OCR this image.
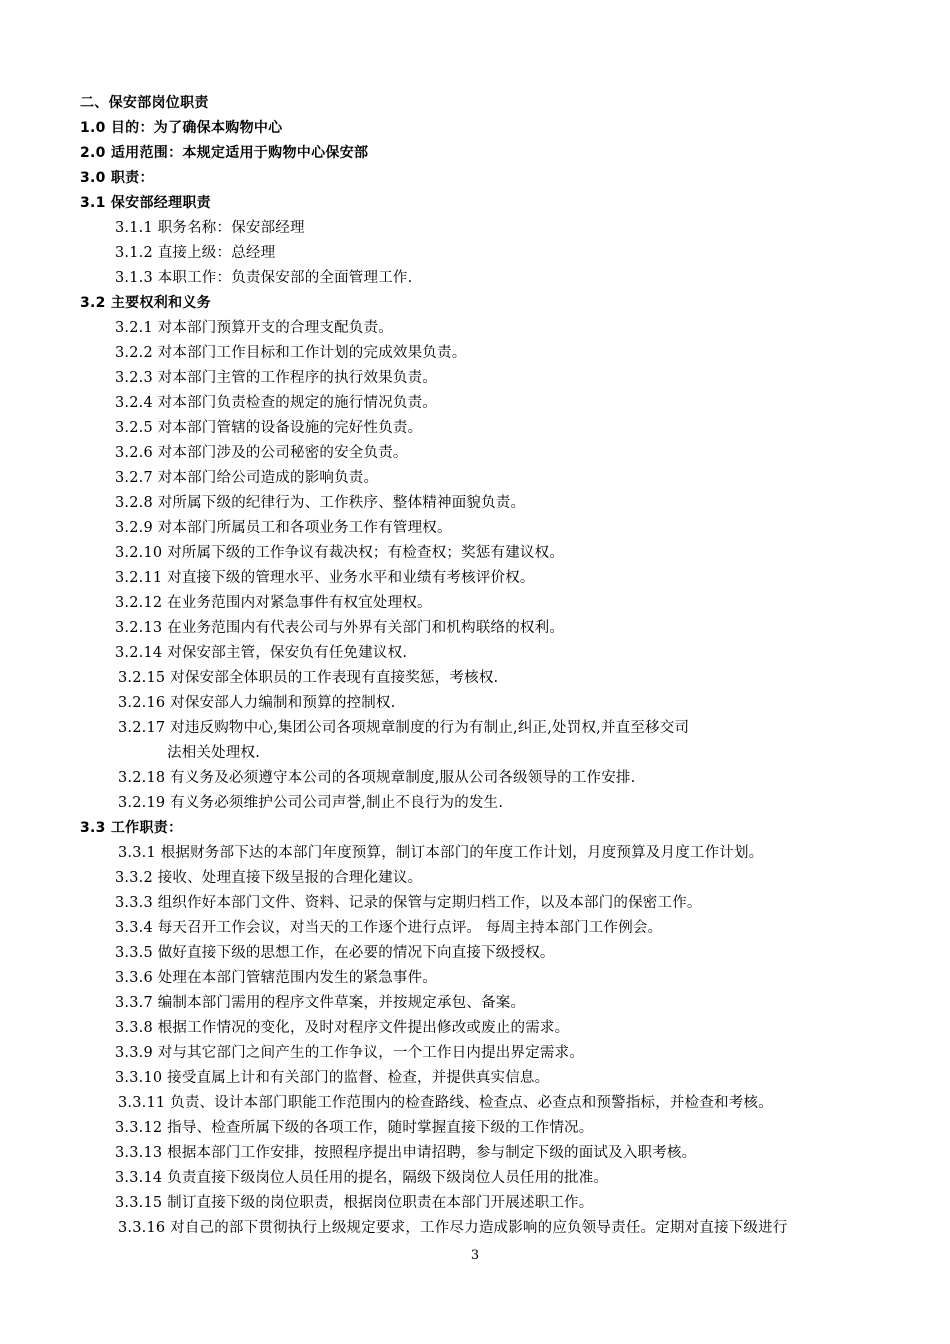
二、保安部岗位职责
1.0 目的：为了确保本购物中心
2.0 适用范围：本规定适用于购物中心保安部
3.0 职责：
3.1 保安部经理职责
3.1.1 职务名称：保安部经理
3.1.2 直接上级：总经理
3.1.3 本职工作：负责保安部的全面管理工作.
3.2 主要权利和义务
3.2.1 对本部门预算开支的合理支配负责。
3.2.2 对本部门工作目标和工作计划的完成效果负责。
3.2.3 对本部门主管的工作程序的执行效果负责。
3.2.4 对本部门负责检查的规定的施行情况负责。
3.2.5 对本部门管辖的设备设施的完好性负责。
3.2.6 对本部门涉及的公司秘密的安全负责。
3.2.7 对本部门给公司造成的影响负责。
3.2.8 对所属下级的纪律行为、工作秩序、整体精神面貌负责。
3.2.9 对本部门所属员工和各项业务工作有管理权。
3.2.10 对所属下级的工作争议有裁决权；有检查权；奖惩有建议权。
3.2.11 对直接下级的管理水平、业务水平和业绩有考核评价权。
3.2.12 在业务范围内对紧急事件有权宜处理权。
3.2.13 在业务范围内有代表公司与外界有关部门和机构联络的权利。
3.2.14 对保安部主管，保安负有任免建议权.
3.2.15 对保安部全体职员的工作表现有直接奖惩，考核权.
3.2.16 对保安部人力编制和预算的控制权.
3.2.17 对违反购物中心,集团公司各项规章制度的行为有制止,纠正,处罚权,并直至移交司
法相关处理权.
3.2.18 有义务及必须遵守本公司的各项规章制度,服从公司各级领导的工作安排.
3.2.19 有义务必须维护公司公司声誉,制止不良行为的发生.
3.3 工作职责：
3.3.1 根据财务部下达的本部门年度预算，制订本部门的年度工作计划，月度预算及月度工作计划。
3.3.2 接收、处理直接下级呈报的合理化建议。
3.3.3 组织作好本部门文件、资料、记录的保管与定期归档工作，以及本部门的保密工作。
3.3.4 每天召开工作会议，对当天的工作逐个进行点评。 每周主持本部门工作例会。
3.3.5 做好直接下级的思想工作，在必要的情况下向直接下级授权。
3.3.6 处理在本部门管辖范围内发生的紧急事件。
3.3.7 编制本部门需用的程序文件草案，并按规定承包、备案。
3.3.8 根据工作情况的变化，及时对程序文件提出修改或废止的需求。
3.3.9 对与其它部门之间产生的工作争议，一个工作日内提出界定需求。
3.3.10 接受直属上计和有关部门的监督、检查，并提供真实信息。
3.3.11 负责、设计本部门职能工作范围内的检查路线、检查点、必查点和预警指标，并检查和考核。
3.3.12 指导、检查所属下级的各项工作，随时掌握直接下级的工作情况。
3.3.13 根据本部门工作安排，按照程序提出申请招聘，参与制定下级的面试及入职考核。
3.3.14 负责直接下级岗位人员任用的提名，隔级下级岗位人员任用的批准。
3.3.15 制订直接下级的岗位职责，根据岗位职责在本部门开展述职工作。
3.3.16 对自己的部下贯彻执行上级规定要求，工作尽力造成影响的应负领导责任。定期对直接下级进行
3
